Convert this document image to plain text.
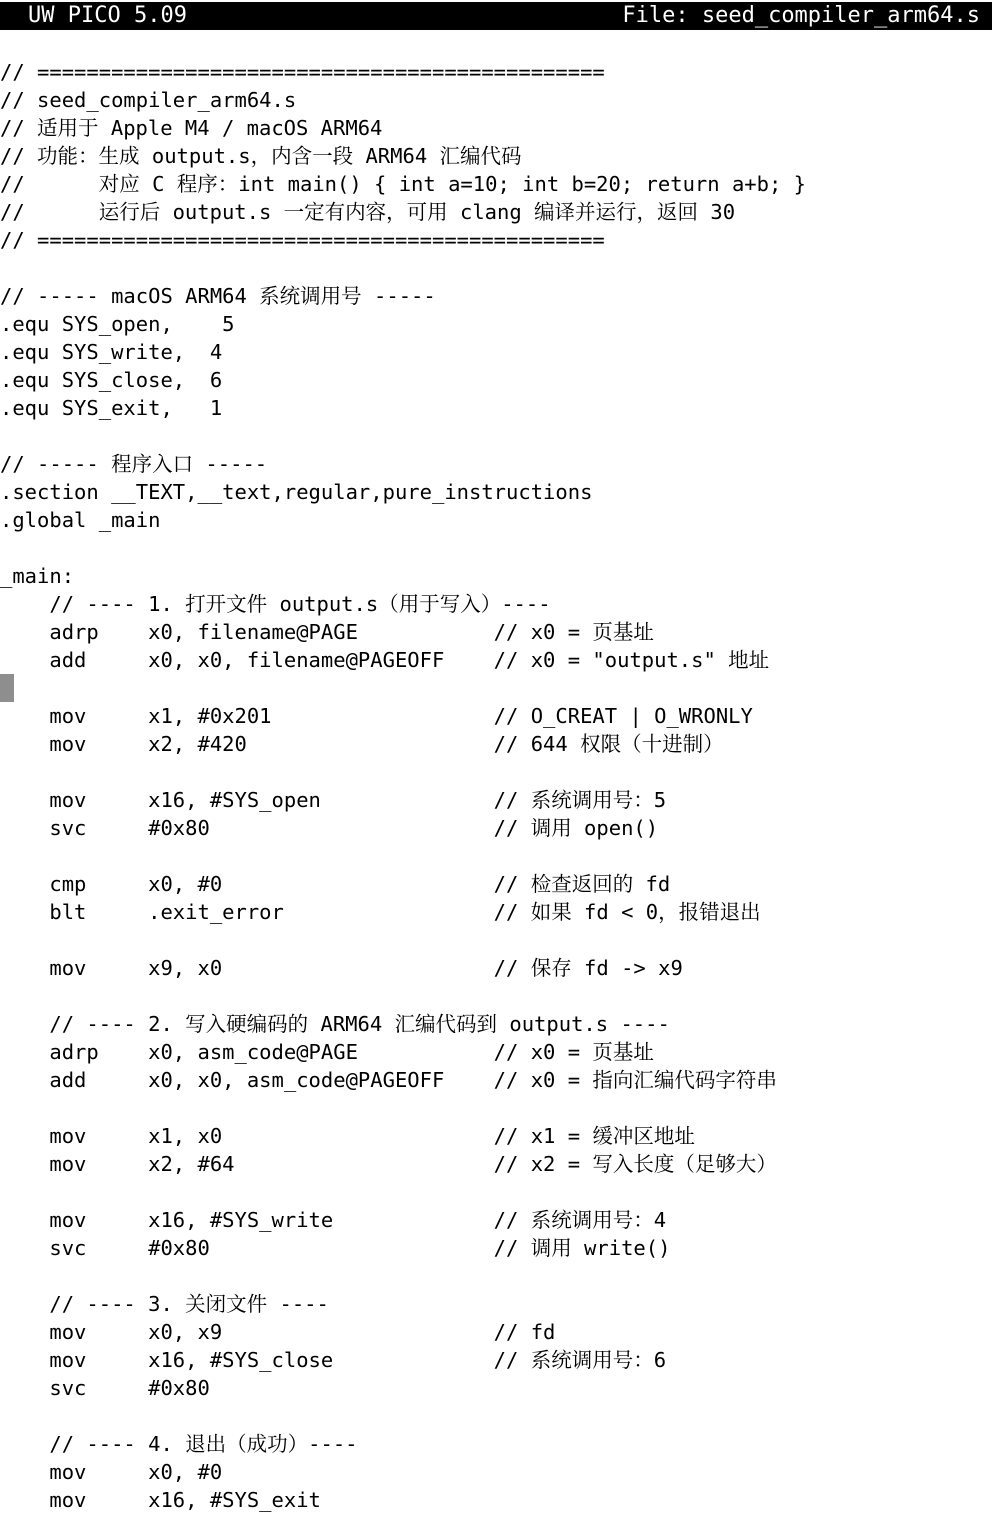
UW PICO 5.09	File: seed_compiler_arm64.s
// ==============================================
// seed_compiler_arm64.s
// 适用于 Apple M4 / macOS ARM64
// 功能：生成 output.s，内含一段 ARM64 汇编代码
//      对应 C 程序：int main() { int a=10; int b=20; return a+b; }
//      运行后 output.s 一定有内容，可用 clang 编译并运行，返回 30
// ==============================================
// ----- macOS ARM64 系统调用号 -----
.equ SYS_open,    5
.equ SYS_write,  4
.equ SYS_close,  6
.equ SYS_exit,   1
// ----- 程序入口 -----
.section __TEXT,__text,regular,pure_instructions
.global _main
_main:
// ---- 1. 打开文件 output.s（用于写入）----
adrp    x0, filename@PAGE           // x0 = 页基址
add     x0, x0, filename@PAGEOFF    // x0 = "output.s" 地址
mov     x1, #0x201                  // O_CREAT | O_WRONLY
mov     x2, #420                    // 644 权限（十进制）
mov     x16, #SYS_open              // 系统调用号：5
svc     #0x80                       // 调用 open()
cmp     x0, #0                      // 检查返回的 fd
blt     .exit_error                 // 如果 fd < 0，报错退出
mov     x9, x0                      // 保存 fd -> x9
// ---- 2. 写入硬编码的 ARM64 汇编代码到 output.s ----
adrp    x0, asm_code@PAGE           // x0 = 页基址
add     x0, x0, asm_code@PAGEOFF    // x0 = 指向汇编代码字符串
mov     x1, x0                      // x1 = 缓冲区地址
mov     x2, #64                     // x2 = 写入长度（足够大）
mov     x16, #SYS_write             // 系统调用号：4
svc     #0x80                       // 调用 write()
// ---- 3. 关闭文件 ----
mov     x0, x9                      // fd
mov     x16, #SYS_close             // 系统调用号：6
svc     #0x80
// ---- 4. 退出（成功）----
mov     x0, #0
mov     x16, #SYS_exit
